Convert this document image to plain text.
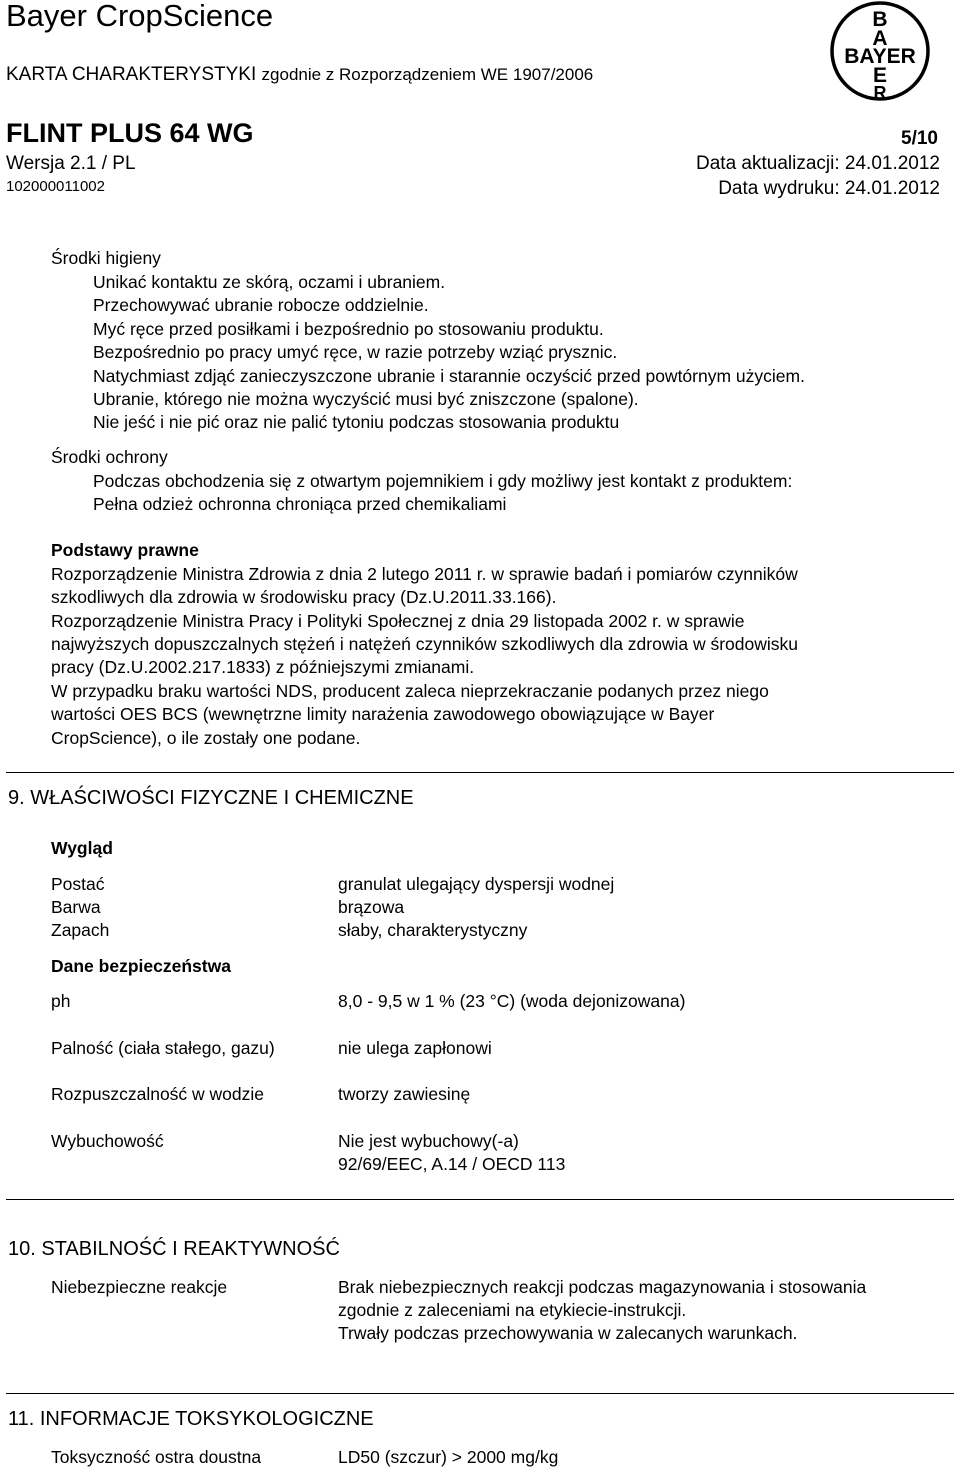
Bayer CropScience
KARTA CHARAKTERYSTYKI zgodnie z Rozporządzeniem WE 1907/2006
FLINT PLUS 64 WG	5/10
Wersja 2.1 / PL	Data aktualizacji: 24.01.2012
102000011002	Data wydruku: 24.01.2012
B
A
BAYER
E
R
Środki higieny
Unikać kontaktu ze skórą, oczami i ubraniem.
Przechowywać ubranie robocze oddzielnie.
Myć ręce przed posiłkami i bezpośrednio po stosowaniu produktu.
Bezpośrednio po pracy umyć ręce, w razie potrzeby wziąć prysznic.
Natychmiast zdjąć zanieczyszczone ubranie i starannie oczyścić przed powtórnym użyciem.
Ubranie, którego nie można wyczyścić musi być zniszczone (spalone).
Nie jeść i nie pić oraz nie palić tytoniu podczas stosowania produktu
Środki ochrony
Podczas obchodzenia się z otwartym pojemnikiem i gdy możliwy jest kontakt z produktem:
Pełna odzież ochronna chroniąca przed chemikaliami
Podstawy prawne
Rozporządzenie Ministra Zdrowia z dnia 2 lutego 2011 r. w sprawie badań i pomiarów czynników
szkodliwych dla zdrowia w środowisku pracy (Dz.U.2011.33.166).
Rozporządzenie Ministra Pracy i Polityki Społecznej z dnia 29 listopada 2002 r. w sprawie
najwyższych dopuszczalnych stężeń i natężeń czynników szkodliwych dla zdrowia w środowisku
pracy (Dz.U.2002.217.1833) z późniejszymi zmianami.
W przypadku braku wartości NDS, producent zaleca nieprzekraczanie podanych przez niego
wartości OES BCS (wewnętrzne limity narażenia zawodowego obowiązujące w Bayer
CropScience), o ile zostały one podane.
9. WŁAŚCIWOŚCI FIZYCZNE I CHEMICZNE
Wygląd
Postać	granulat ulegający dyspersji wodnej
Barwa	brązowa
Zapach	słaby, charakterystyczny
Dane bezpieczeństwa
ph	8,0 - 9,5 w 1 % (23 °C) (woda dejonizowana)
Palność (ciała stałego, gazu)	nie ulega zapłonowi
Rozpuszczalność w wodzie	tworzy zawiesinę
Wybuchowość	Nie jest wybuchowy(-a)
92/69/EEC, A.14 / OECD 113
10. STABILNOŚĆ I REAKTYWNOŚĆ
Niebezpieczne reakcje	Brak niebezpiecznych reakcji podczas magazynowania i stosowania
zgodnie z zaleceniami na etykiecie-instrukcji.
Trwały podczas przechowywania w zalecanych warunkach.
11. INFORMACJE TOKSYKOLOGICZNE
Toksyczność ostra doustna	LD50 (szczur) > 2000 mg/kg
